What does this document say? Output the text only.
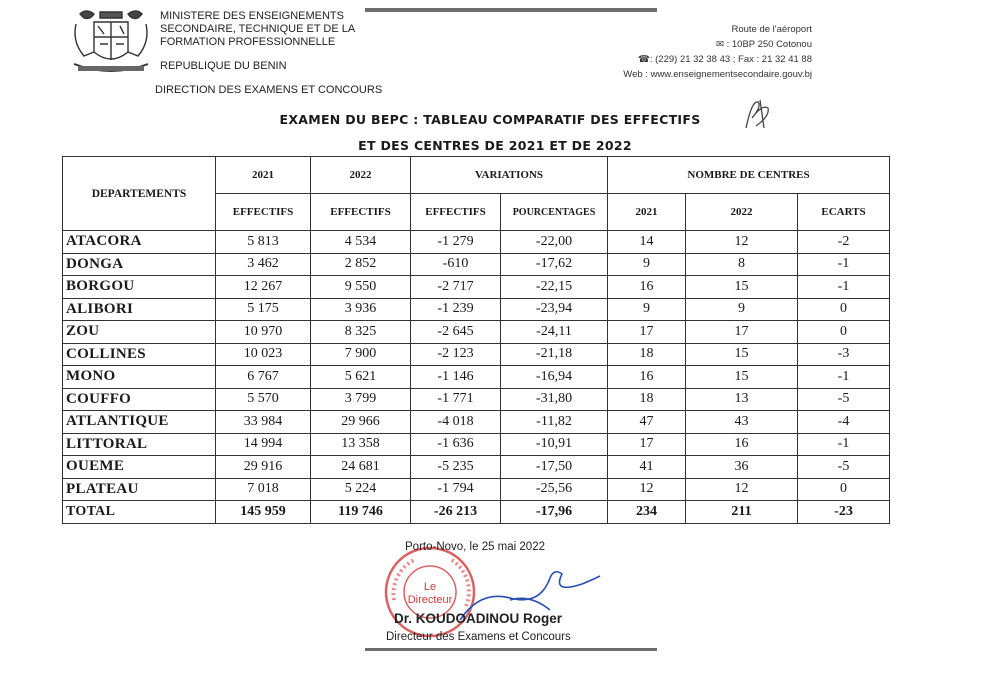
MINISTERE DES ENSEIGNEMENTS
SECONDAIRE, TECHNIQUE ET DE LA
FORMATION PROFESSIONNELLE
REPUBLIQUE DU BENIN
DIRECTION DES EXAMENS ET CONCOURS
Route de l'aéroport
✉ : 10BP 250 Cotonou
☎: (229) 21 32 38 43 ; Fax : 21 32 41 88
Web : www.enseignementsecondaire.gouv.bj
EXAMEN DU BEPC : TABLEAU COMPARATIF DES EFFECTIFS
ET DES CENTRES DE 2021 ET DE 2022
DEPARTEMENTS	2021	2022	VARIATIONS		NOMBRE DE CENTRES		
	EFFECTIFS	EFFECTIFS	EFFECTIFS	POURCENTAGES	2021	2022	ECARTS
ATACORA	5 813	4 534	-1 279	-22,00	14	12	-2
DONGA	3 462	2 852	-610	-17,62	9	8	-1
BORGOU	12 267	9 550	-2 717	-22,15	16	15	-1
ALIBORI	5 175	3 936	-1 239	-23,94	9	9	0
ZOU	10 970	8 325	-2 645	-24,11	17	17	0
COLLINES	10 023	7 900	-2 123	-21,18	18	15	-3
MONO	6 767	5 621	-1 146	-16,94	16	15	-1
COUFFO	5 570	3 799	-1 771	-31,80	18	13	-5
ATLANTIQUE	33 984	29 966	-4 018	-11,82	47	43	-4
LITTORAL	14 994	13 358	-1 636	-10,91	17	16	-1
OUEME	29 916	24 681	-5 235	-17,50	41	36	-5
PLATEAU	7 018	5 224	-1 794	-25,56	12	12	0
TOTAL	145 959	119 746	-26 213	-17,96	234	211	-23
Le Directeur
Porto-Novo, le 25 mai 2022
Dr. KOUDOADINOU Roger
Directeur des Examens et Concours
